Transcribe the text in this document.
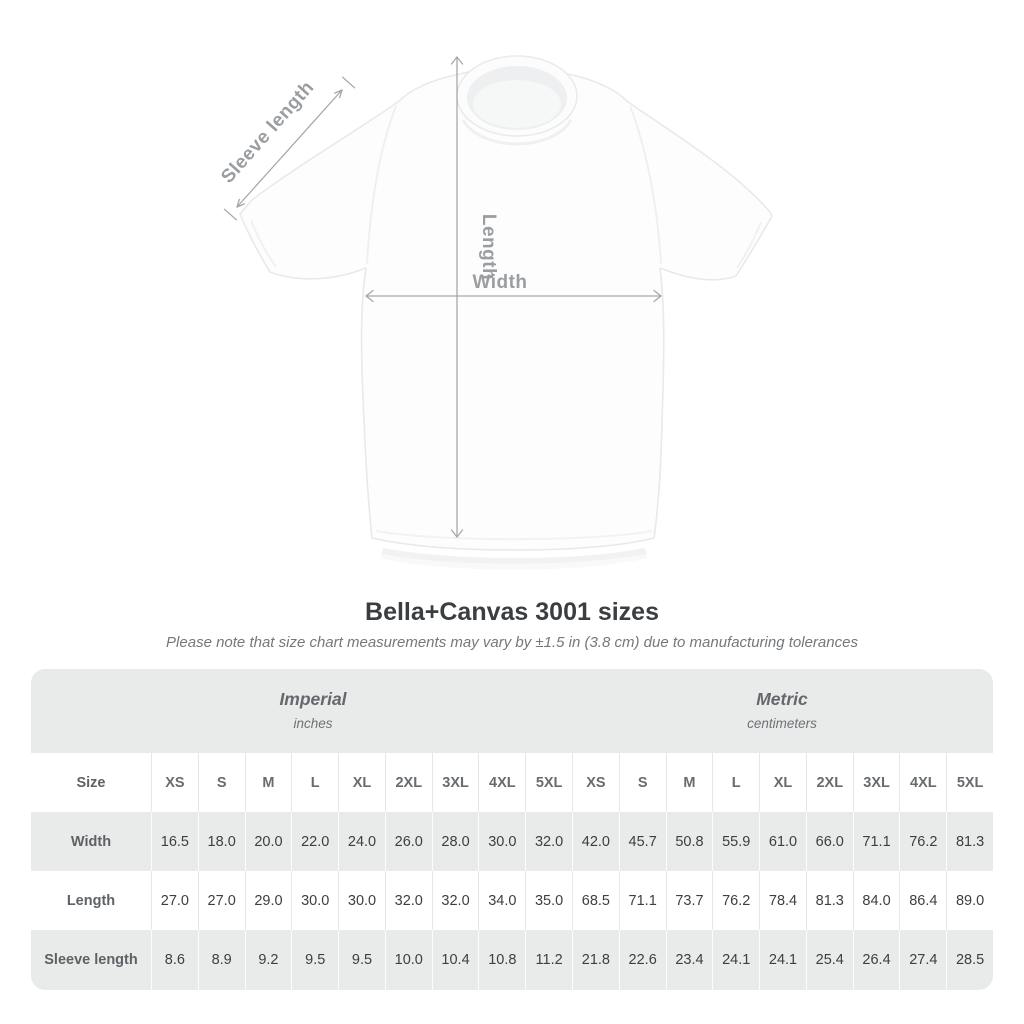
Width
Length
Sleeve length
Bella+Canvas 3001 sizes
Please note that size chart measurements may vary by ±1.5 in (3.8 cm) due to manufacturing tolerances
Imperial
inches
Metric
centimeters
Size	XS	S	M	L	XL	2XL	3XL	4XL	5XL	XS	S	M	L	XL	2XL	3XL	4XL	5XL
Width	16.5	18.0	20.0	22.0	24.0	26.0	28.0	30.0	32.0	42.0	45.7	50.8	55.9	61.0	66.0	71.1	76.2	81.3
Length	27.0	27.0	29.0	30.0	30.0	32.0	32.0	34.0	35.0	68.5	71.1	73.7	76.2	78.4	81.3	84.0	86.4	89.0
Sleeve length	8.6	8.9	9.2	9.5	9.5	10.0	10.4	10.8	11.2	21.8	22.6	23.4	24.1	24.1	25.4	26.4	27.4	28.5
